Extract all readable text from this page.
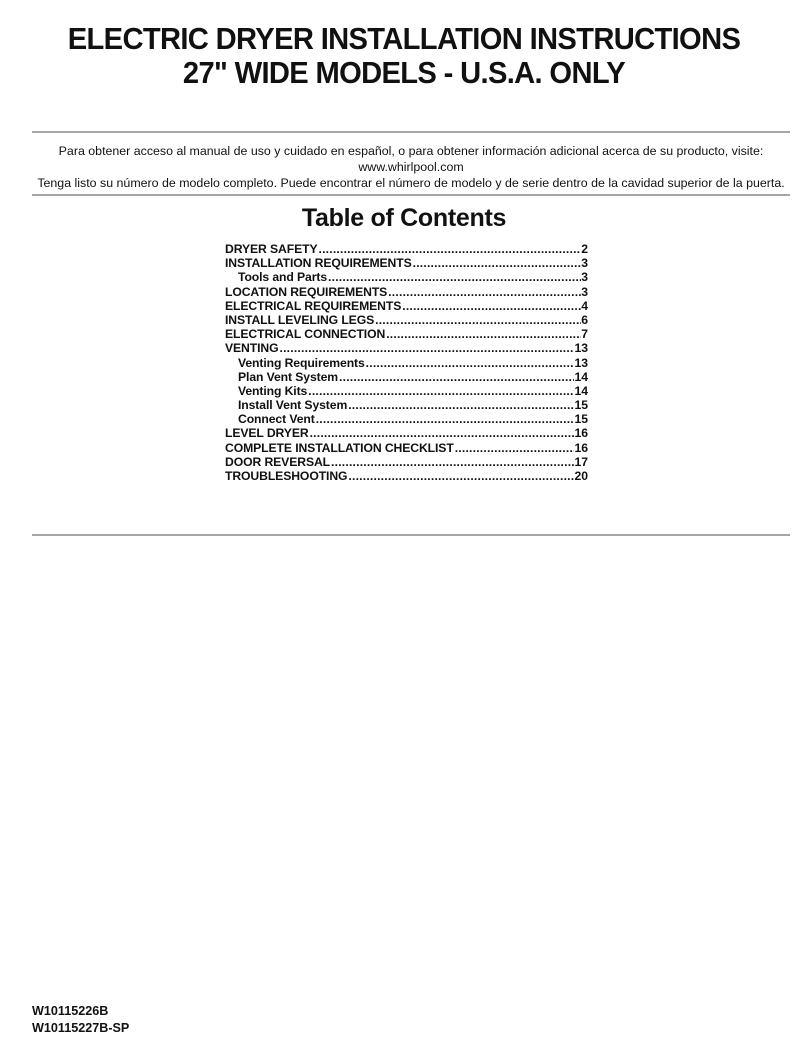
ELECTRIC DRYER INSTALLATION INSTRUCTIONS
27" WIDE MODELS - U.S.A. ONLY
Para obtener acceso al manual de uso y cuidado en español, o para obtener información adicional acerca de su producto, visite:
www.whirlpool.com
Tenga listo su número de modelo completo. Puede encontrar el número de modelo y de serie dentro de la cavidad superior de la puerta.
Table of Contents
DRYER SAFETY .....	2
INSTALLATION REQUIREMENTS .....	3
Tools and Parts .....	3
LOCATION REQUIREMENTS .....	3
ELECTRICAL REQUIREMENTS .....	4
INSTALL LEVELING LEGS .....	6
ELECTRICAL CONNECTION .....	7
VENTING .....	13
Venting Requirements .....	13
Plan Vent System .....	14
Venting Kits .....	14
Install Vent System .....	15
Connect Vent .....	15
LEVEL DRYER .....	16
COMPLETE INSTALLATION CHECKLIST .....	16
DOOR REVERSAL .....	17
TROUBLESHOOTING .....	20
W10115226B
W10115227B-SP
